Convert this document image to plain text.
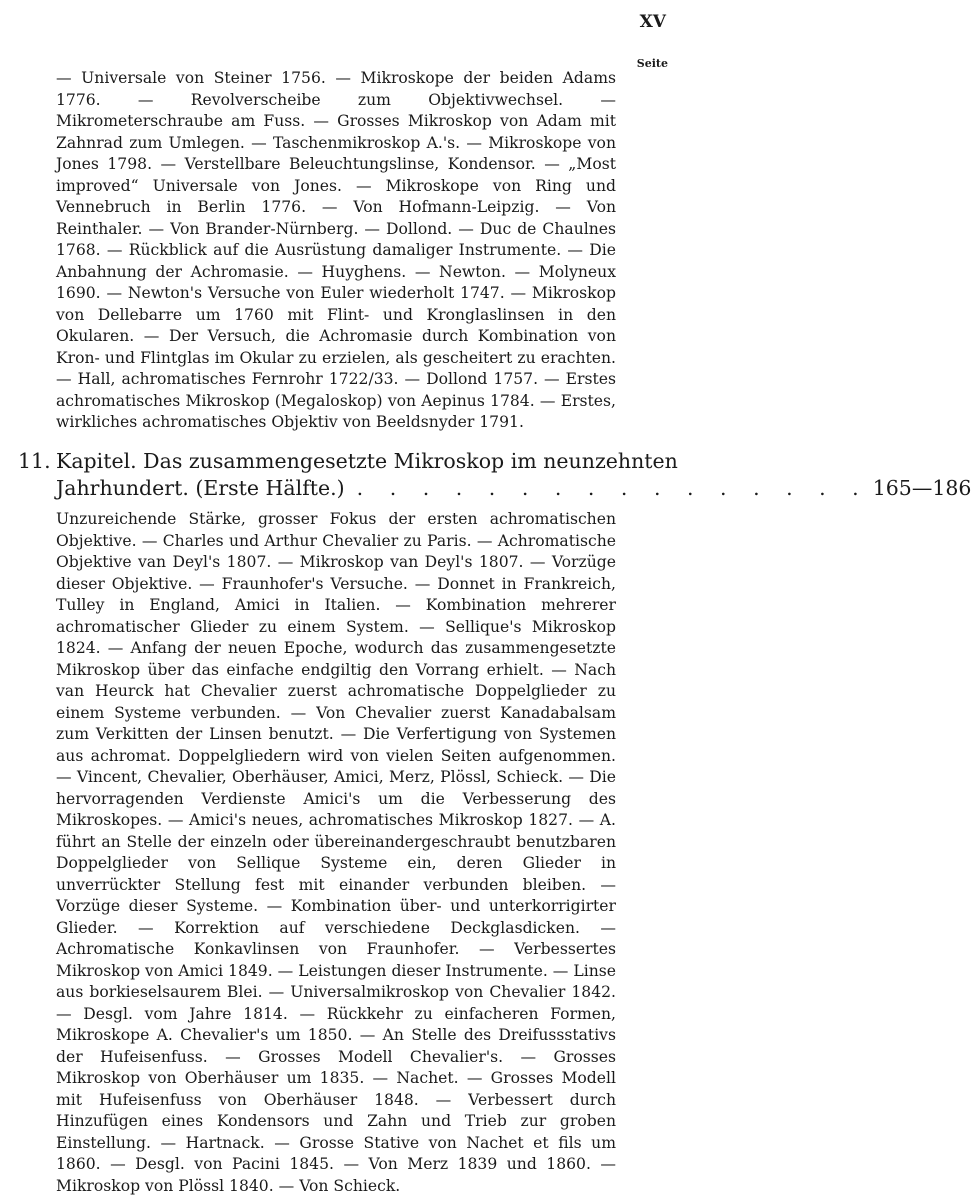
XV
Seite

— Universale von Steiner 1756. — Mikroskope der beiden Adams 1776. — Revolverscheibe zum Objektivwechsel. — Mikrometerschraube am Fuss. — Grosses Mikroskop von Adam mit Zahnrad zum Umlegen. — Taschenmikroskop A.'s. — Mikroskope von Jones 1798. — Verstellbare Beleuchtungslinse, Kondensor. — „Most improved“ Universale von Jones. — Mikroskope von Ring und Vennebruch in Berlin 1776. — Von Hofmann-Leipzig. — Von Reinthaler. — Von Brander-Nürnberg. — Dollond. — Duc de Chaulnes 1768. — Rückblick auf die Ausrüstung damaliger Instrumente. — Die Anbahnung der Achromasie. — Huyghens. — Newton. — Molyneux 1690. — Newton's Versuche von Euler wiederholt 1747. — Mikroskop von Dellebarre um 1760 mit Flint- und Kronglaslinsen in den Okularen. — Der Versuch, die Achromasie durch Kombination von Kron- und Flintglas im Okular zu erzielen, als gescheitert zu erachten. — Hall, achromatisches Fernrohr 1722/33. — Dollond 1757. — Erstes achromatisches Mikroskop (Megaloskop) von Aepinus 1784. — Erstes, wirkliches achromatisches Objektiv von Beeldsnyder 1791.

11. Kapitel. Das zusammengesetzte Mikroskop im neunzehnten
Jahrhundert. (Erste Hälfte.) . . . . . . . . . . . . . . . . 165—186

Unzureichende Stärke, grosser Fokus der ersten achromatischen Objektive. — Charles und Arthur Chevalier zu Paris. — Achromatische Objektive van Deyl's 1807. — Mikroskop van Deyl's 1807. — Vorzüge dieser Objektive. — Fraunhofer's Versuche. — Donnet in Frankreich, Tulley in England, Amici in Italien. — Kombination mehrerer achromatischer Glieder zu einem System. — Sellique's Mikroskop 1824. — Anfang der neuen Epoche, wodurch das zusammengesetzte Mikroskop über das einfache endgiltig den Vorrang erhielt. — Nach van Heurck hat Chevalier zuerst achromatische Doppelglieder zu einem Systeme verbunden. — Von Chevalier zuerst Kanadabalsam zum Verkitten der Linsen benutzt. — Die Verfertigung von Systemen aus achromat. Doppelgliedern wird von vielen Seiten aufgenommen. — Vincent, Chevalier, Oberhäuser, Amici, Merz, Plössl, Schieck. — Die hervorragenden Verdienste Amici's um die Verbesserung des Mikroskopes. — Amici's neues, achromatisches Mikroskop 1827. — A. führt an Stelle der einzeln oder übereinandergeschraubt benutzbaren Doppelglieder von Sellique Systeme ein, deren Glieder in unverrückter Stellung fest mit einander verbunden bleiben. — Vorzüge dieser Systeme. — Kombination über- und unterkorrigirter Glieder. — Korrektion auf verschiedene Deckglasdicken. — Achromatische Konkavlinsen von Fraunhofer. — Verbessertes Mikroskop von Amici 1849. — Leistungen dieser Instrumente. — Linse aus borkieselsaurem Blei. — Universalmikroskop von Chevalier 1842. — Desgl. vom Jahre 1814. — Rückkehr zu einfacheren Formen, Mikroskope A. Chevalier's um 1850. — An Stelle des Dreifussstativs der Hufeisenfuss. — Grosses Modell Chevalier's. — Grosses Mikroskop von Oberhäuser um 1835. — Nachet. — Grosses Modell mit Hufeisenfuss von Oberhäuser 1848. — Verbessert durch Hinzufügen eines Kondensors und Zahn und Trieb zur groben Einstellung. — Hartnack. — Grosse Stative von Nachet et fils um 1860. — Desgl. von Pacini 1845. — Von Merz 1839 und 1860. — Mikroskop von Plössl 1840. — Von Schieck.
